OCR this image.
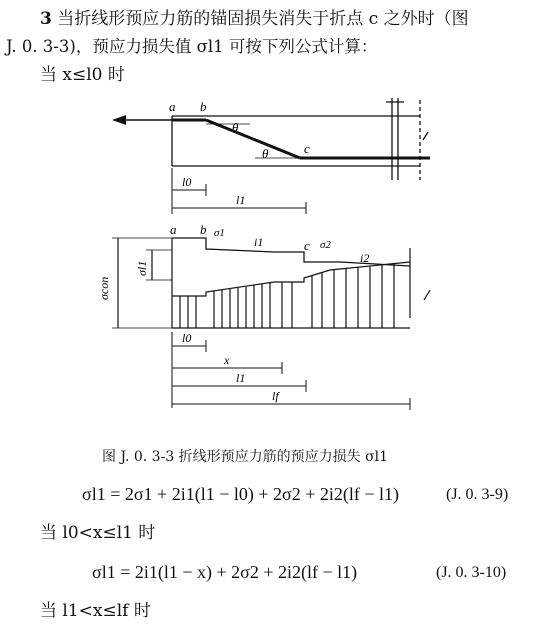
3 当折线形预应力筋的锚固损失消失于折点 c 之外时（图
J. 0. 3-3)，预应力损失值 σl1 可按下列公式计算：
当 x≤l0 时
a b
θ
θ	c
l0
l1
a b σ1
i1	c σ2
i2
σcon
σl1
l0
x
l1
lf
图 J. 0. 3-3 折线形预应力筋的预应力损失 σl1
σl1 = 2σ1 + 2i1(l1 − l0) + 2σ2 + 2i2(lf − l1)	(J. 0. 3-9)
当 l0<x≤l1 时
σl1 = 2i1(l1 − x) + 2σ2 + 2i2(lf − l1)	(J. 0. 3-10)
当 l1<x≤lf 时
